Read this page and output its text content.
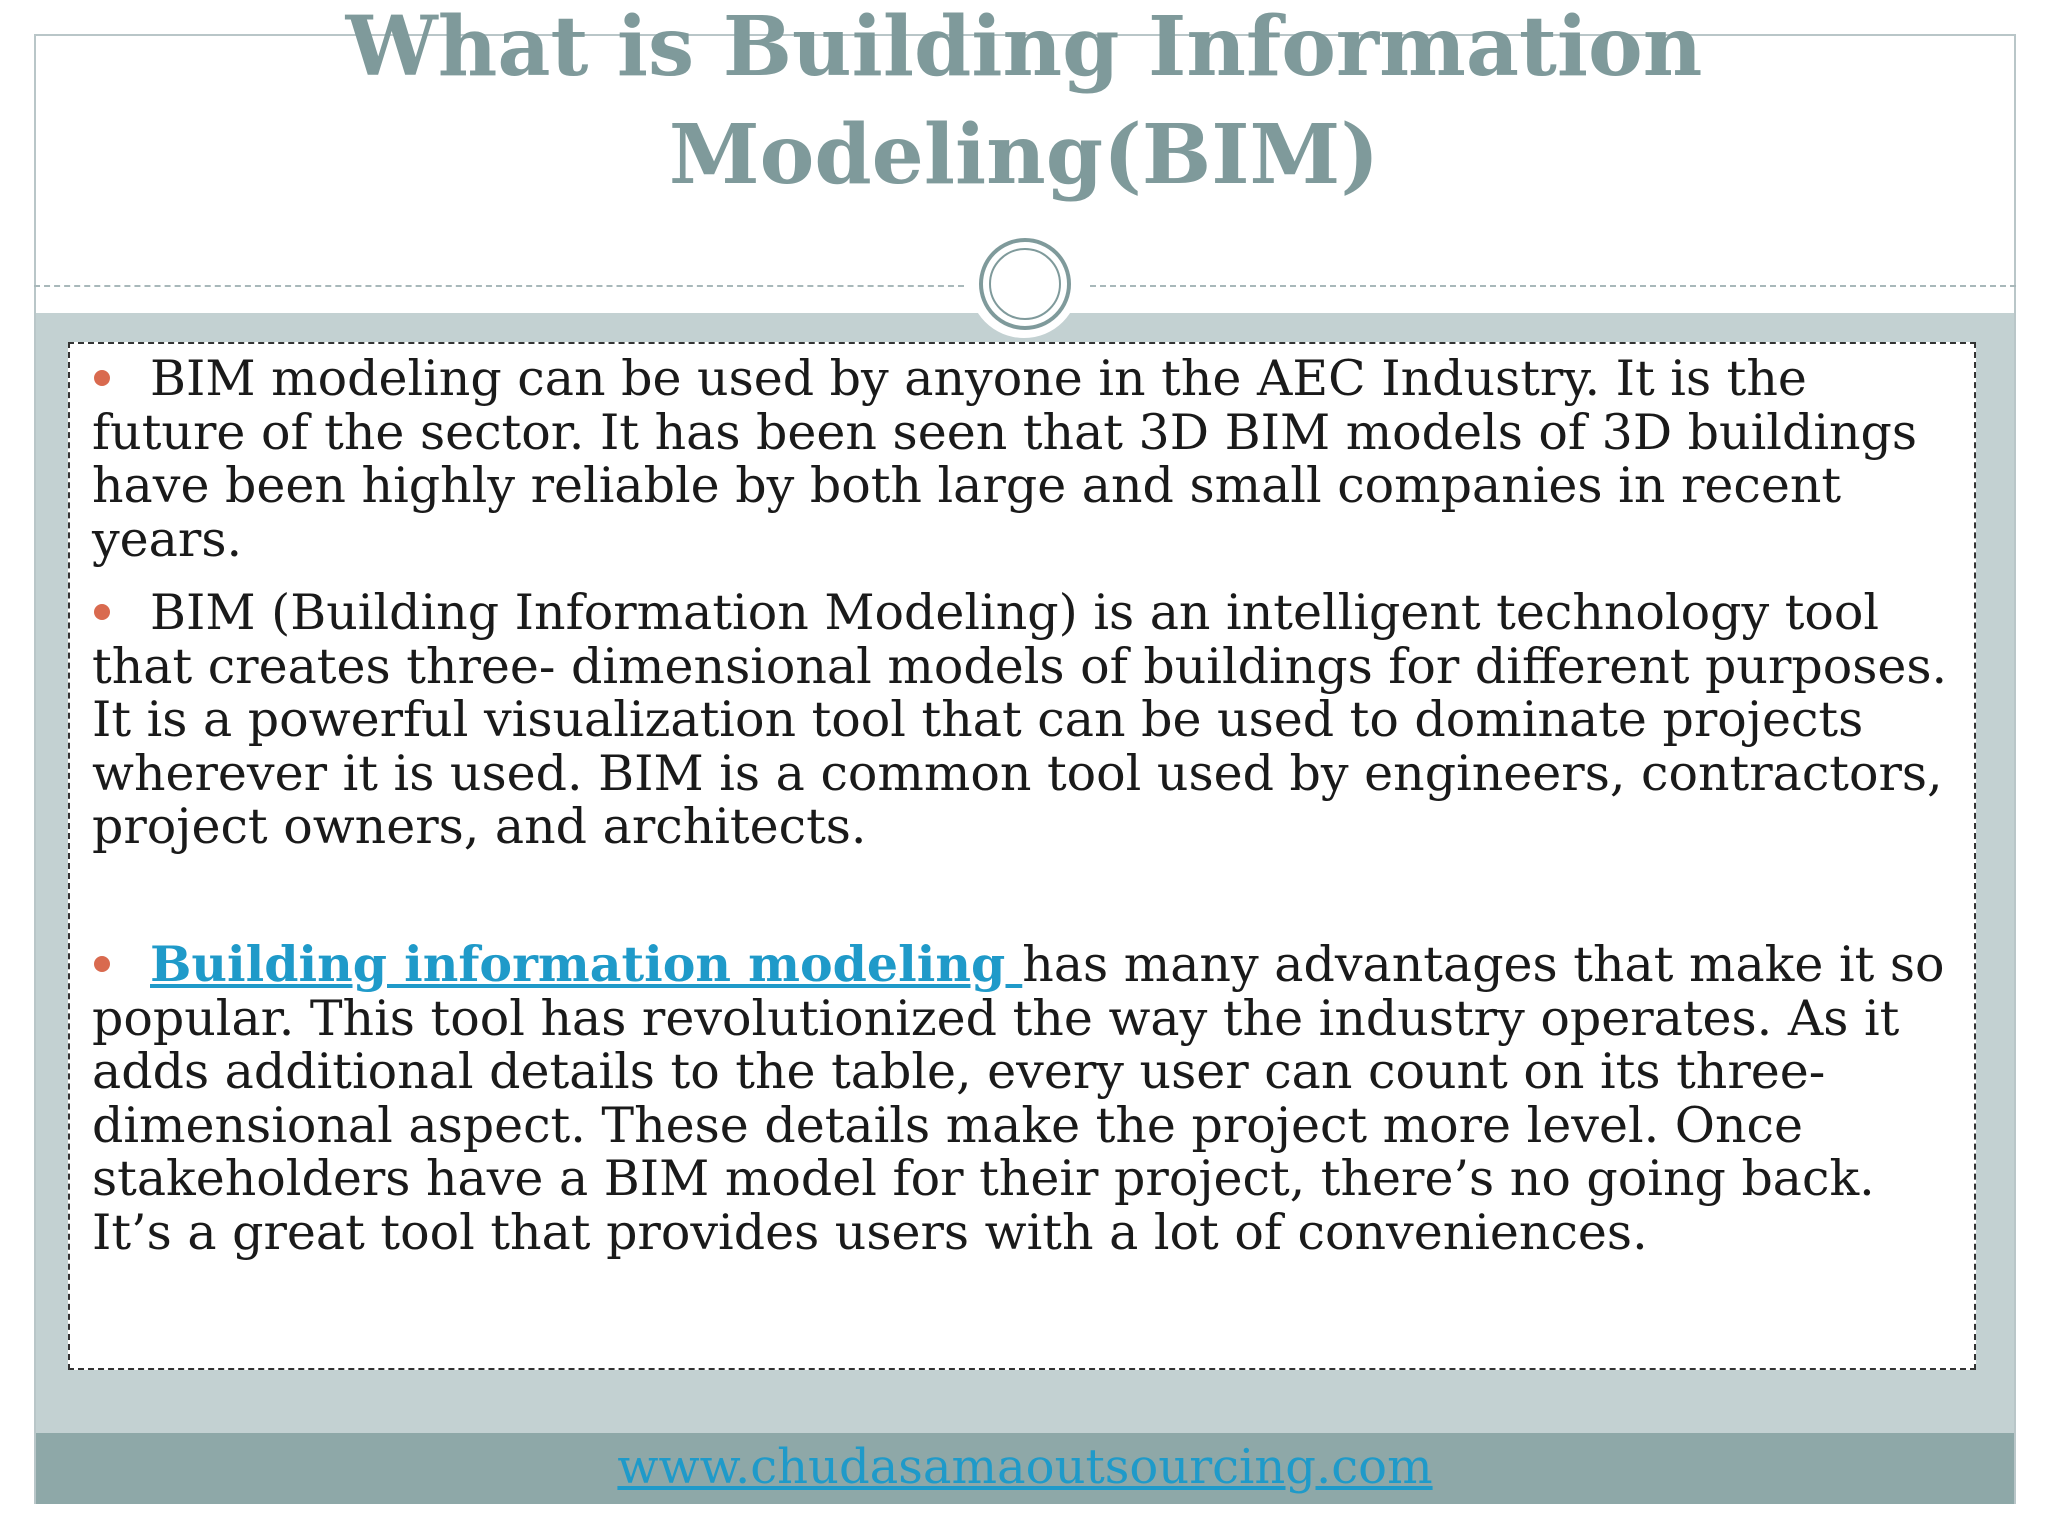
What is Building Information
Modeling(BIM)

BIM modeling can be used by anyone in the AEC Industry. It is the future of the sector. It has been seen that 3D BIM models of 3D buildings have been highly reliable by both large and small companies in recent years.

BIM (Building Information Modeling) is an intelligent technology tool that creates three- dimensional models of buildings for different purposes. It is a powerful visualization tool that can be used to dominate projects wherever it is used. BIM is a common tool used by engineers, contractors, project owners, and architects.

Building information modeling has many advantages that make it so popular. This tool has revolutionized the way the industry operates. As it adds additional details to the table, every user can count on its three-dimensional aspect. These details make the project more level. Once stakeholders have a BIM model for their project, there’s no going back. It’s a great tool that provides users with a lot of conveniences.

www.chudasamaoutsourcing.com
